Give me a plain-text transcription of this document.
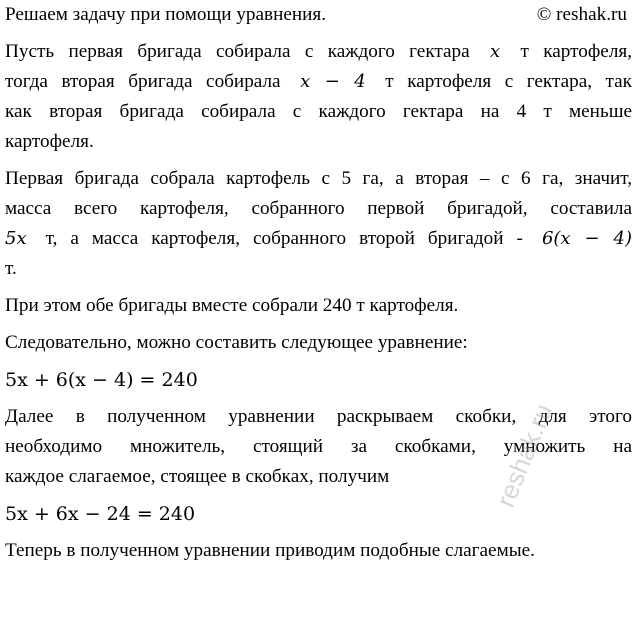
Решаем задачу при помощи уравнения.	© reshak.ru
Пусть первая бригада собирала с каждого гектара x т картофеля,
тогда вторая бригада собирала x − 4 т картофеля с гектара, так
как вторая бригада собирала с каждого гектара на 4 т меньше
картофеля.
Первая бригада собрала картофель с 5 га, а вторая – с 6 га, значит,
масса всего картофеля, собранного первой бригадой, составила
5x т, а масса картофеля, собранного второй бригадой - 6(x − 4)
т.
При этом обе бригады вместе собрали 240 т картофеля.
Следовательно, можно составить следующее уравнение:
5x + 6(x − 4) = 240
Далее в полученном уравнении раскрываем скобки, для этого
необходимо множитель, стоящий за скобками, умножить на
каждое слагаемое, стоящее в скобках, получим
5x + 6x − 24 = 240
Теперь в полученном уравнении приводим подобные слагаемые.
reshak.ru
